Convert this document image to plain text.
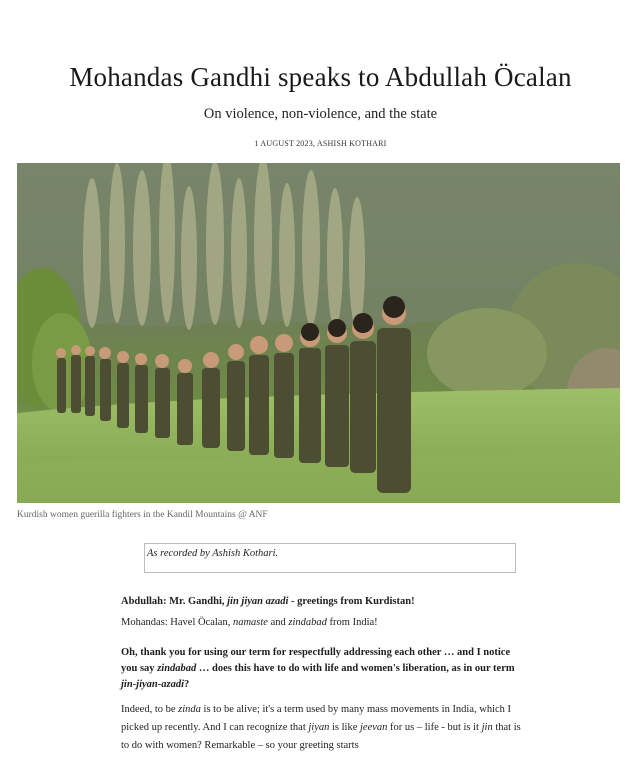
Mohandas Gandhi speaks to Abdullah Öcalan

On violence, non-violence, and the state

1 AUGUST 2023, ASHISH KOTHARI

Kurdish women guerilla fighters in the Kandil Mountains @ ANF
As recorded by Ashish Kothari.

Abdullah: Mr. Gandhi, jin jiyan azadi - greetings from Kurdistan!

Mohandas: Havel Öcalan, namaste and zindabad from India!

Oh, thank you for using our term for respectfully addressing each other … and I notice you say zindabad … does this have to do with life and women's liberation, as in our term jin-jiyan-azadi?

Indeed, to be zinda is to be alive; it's a term used by many mass movements in India, which I picked up recently. And I can recognize that jiyan is like jeevan for us – life - but is it jin that is to do with women? Remarkable – so your greeting starts
